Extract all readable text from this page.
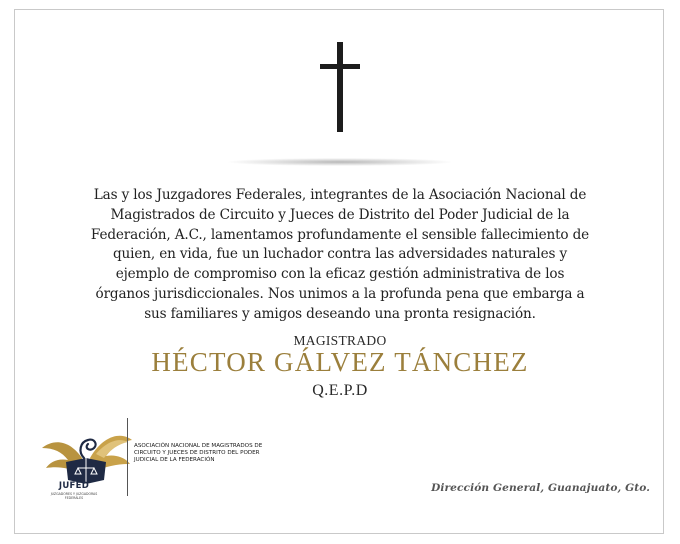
Las y los Juzgadores Federales, integrantes de la Asociación Nacional de Magistrados de Circuito y Jueces de Distrito del Poder Judicial de la Federación, A.C., lamentamos profundamente el sensible fallecimiento de quien, en vida, fue un luchador contra las adversidades naturales y ejemplo de compromiso con la eficaz gestión administrativa de los órganos jurisdiccionales. Nos unimos a la profunda pena que embarga a sus familiares y amigos deseando una pronta resignación.

MAGISTRADO
HÉCTOR GÁLVEZ TÁNCHEZ
Q.E.P.D
JUFED
JUZGADORES Y JUZGADORAS FEDERALES

ASOCIACIÓN NACIONAL DE MAGISTRADOS DE CIRCUITO Y JUECES DE DISTRITO DEL PODER JUDICIAL DE LA FEDERACIÓN

Dirección General, Guanajuato, Gto.
